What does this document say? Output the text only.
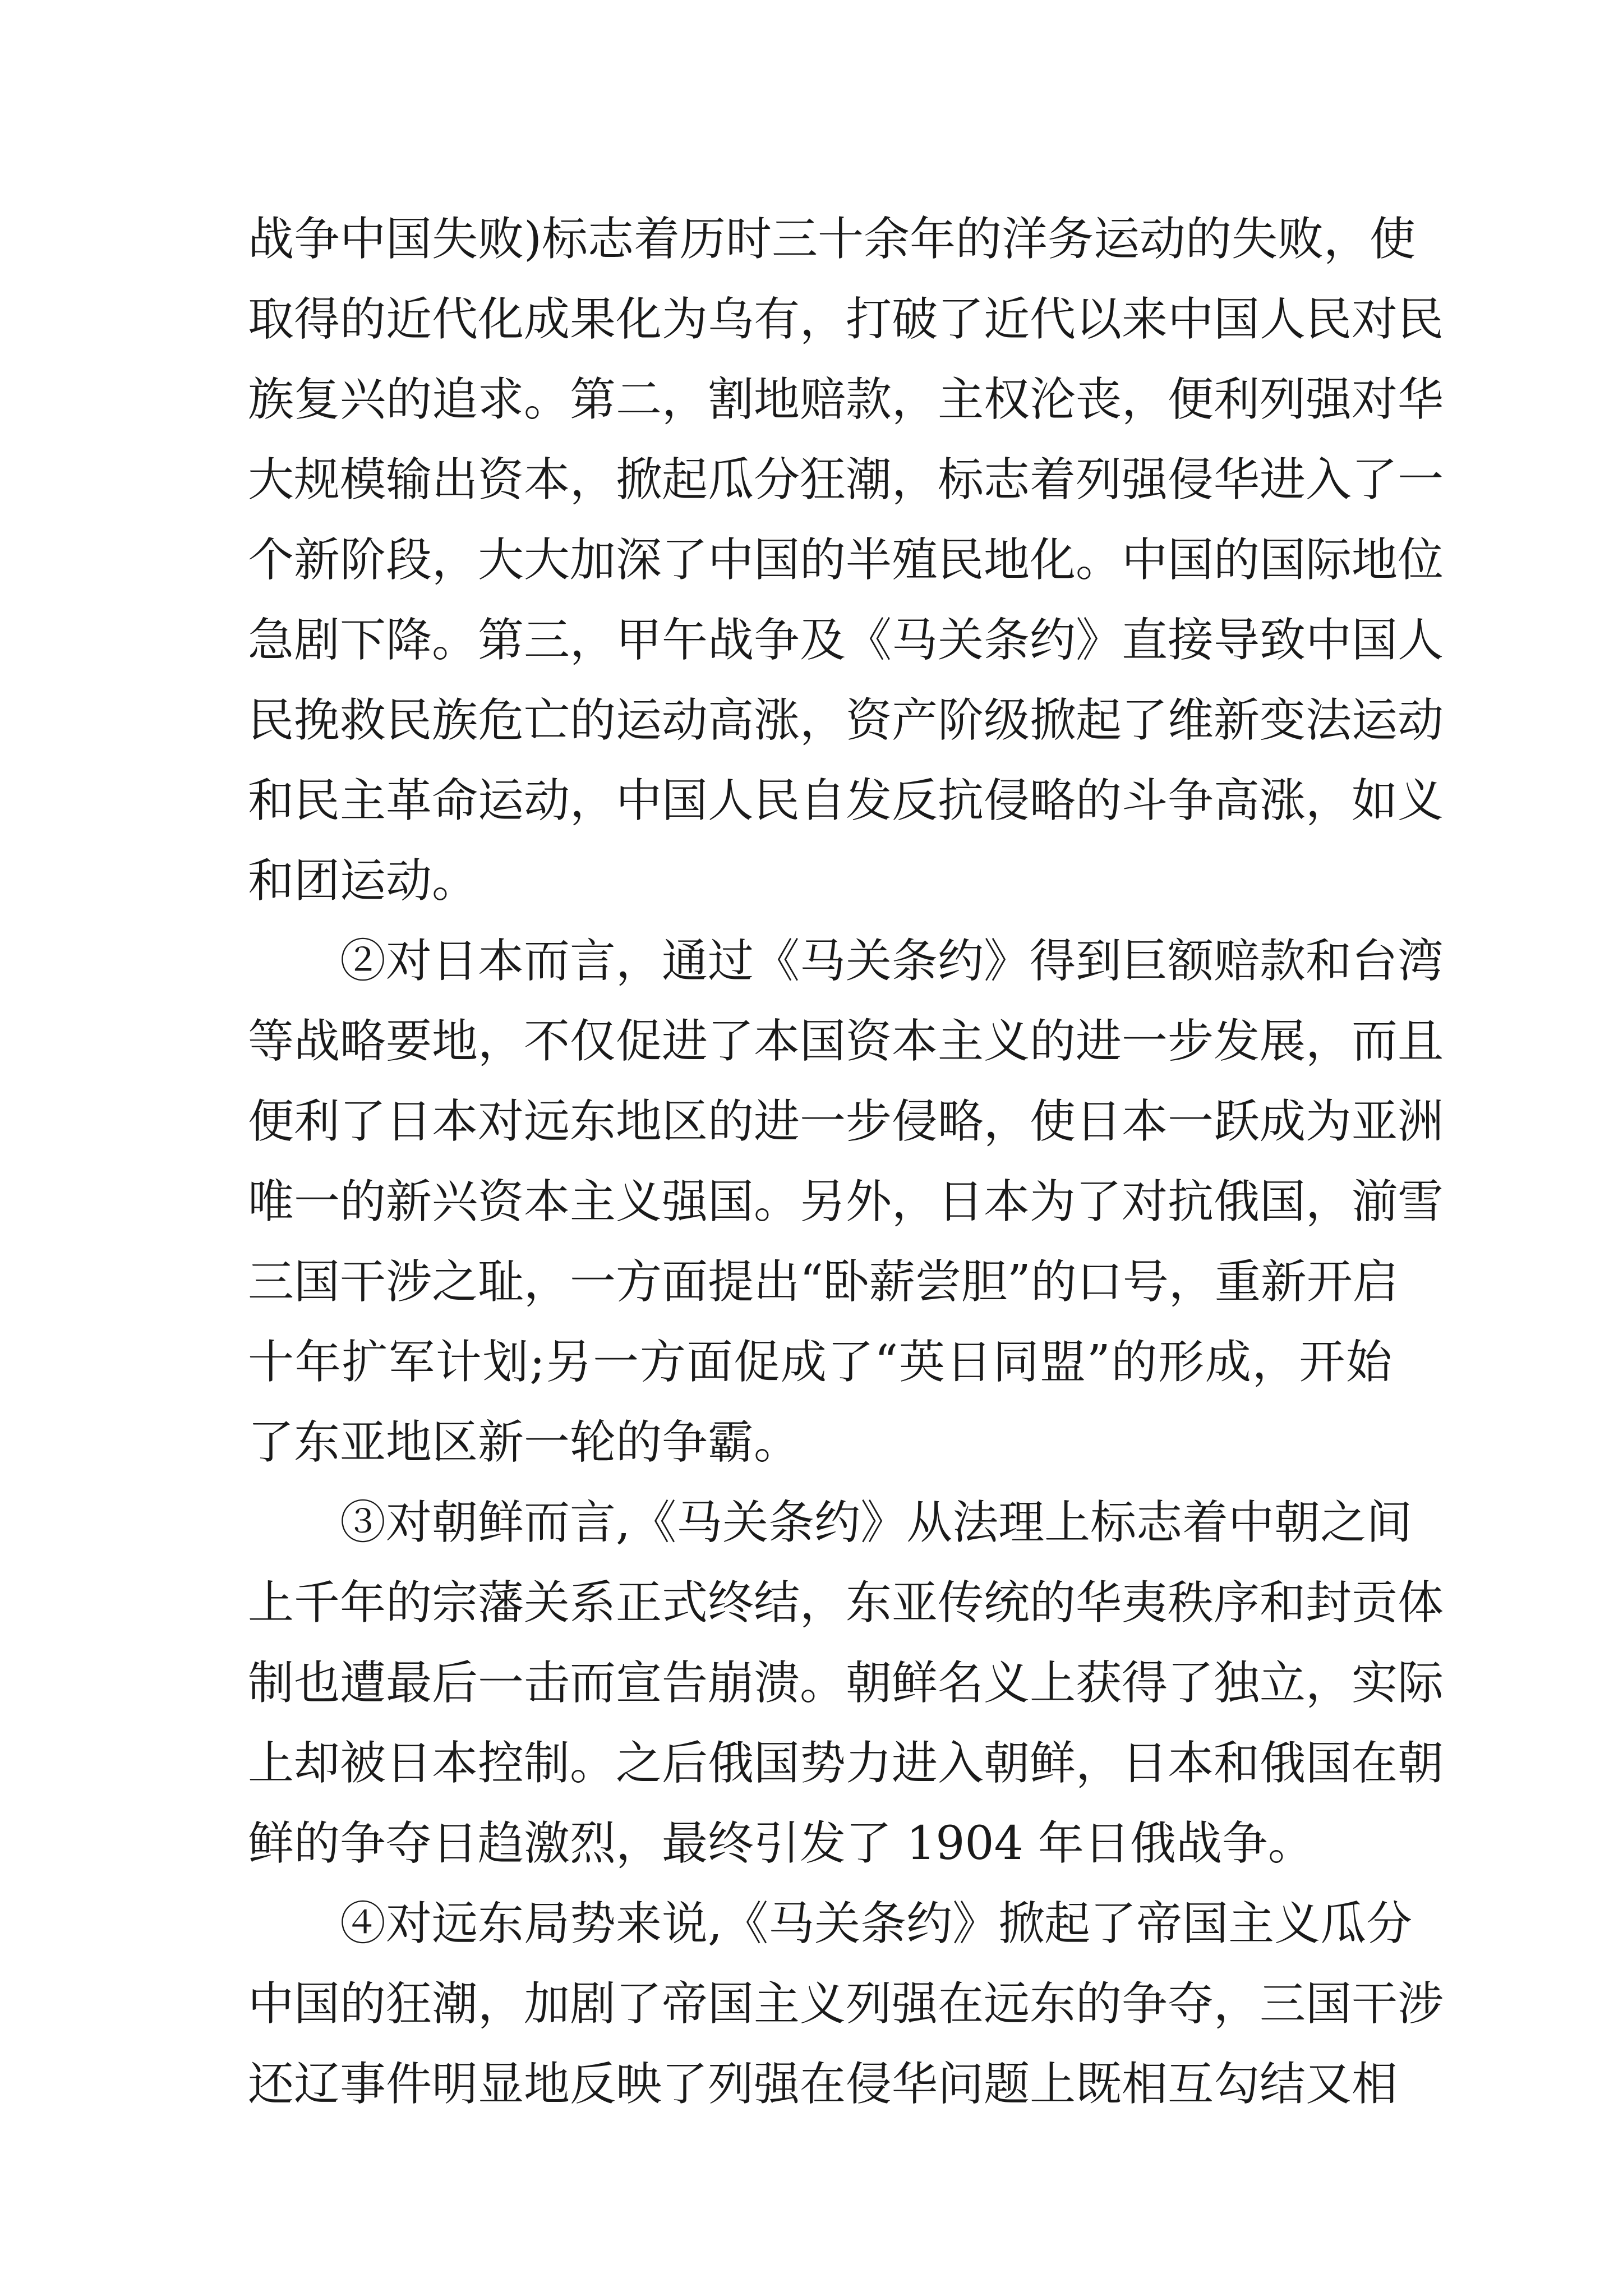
战争中国失败)标志着历时三十余年的洋务运动的失败，使
取得的近代化成果化为乌有，打破了近代以来中国人民对民
族复兴的追求。第二，割地赔款，主权沦丧，便利列强对华
大规模输出资本，掀起瓜分狂潮，标志着列强侵华进入了一
个新阶段，大大加深了中国的半殖民地化。中国的国际地位
急剧下降。第三，甲午战争及《马关条约》直接导致中国人
民挽救民族危亡的运动高涨，资产阶级掀起了维新变法运动
和民主革命运动，中国人民自发反抗侵略的斗争高涨，如义
和团运动。
②对日本而言，通过《马关条约》得到巨额赔款和台湾
等战略要地，不仅促进了本国资本主义的进一步发展，而且
便利了日本对远东地区的进一步侵略，使日本一跃成为亚洲
唯一的新兴资本主义强国。另外，日本为了对抗俄国，湔雪
三国干涉之耻，一方面提出“卧薪尝胆”的口号，重新开启
十年扩军计划;另一方面促成了“英日同盟”的形成，开始
了东亚地区新一轮的争霸。
③对朝鲜而言,《马关条约》从法理上标志着中朝之间
上千年的宗藩关系正式终结，东亚传统的华夷秩序和封贡体
制也遭最后一击而宣告崩溃。朝鲜名义上获得了独立，实际
上却被日本控制。之后俄国势力进入朝鲜，日本和俄国在朝
鲜的争夺日趋激烈，最终引发了 1904 年日俄战争。
④对远东局势来说,《马关条约》掀起了帝国主义瓜分
中国的狂潮，加剧了帝国主义列强在远东的争夺，三国干涉
还辽事件明显地反映了列强在侵华问题上既相互勾结又相
